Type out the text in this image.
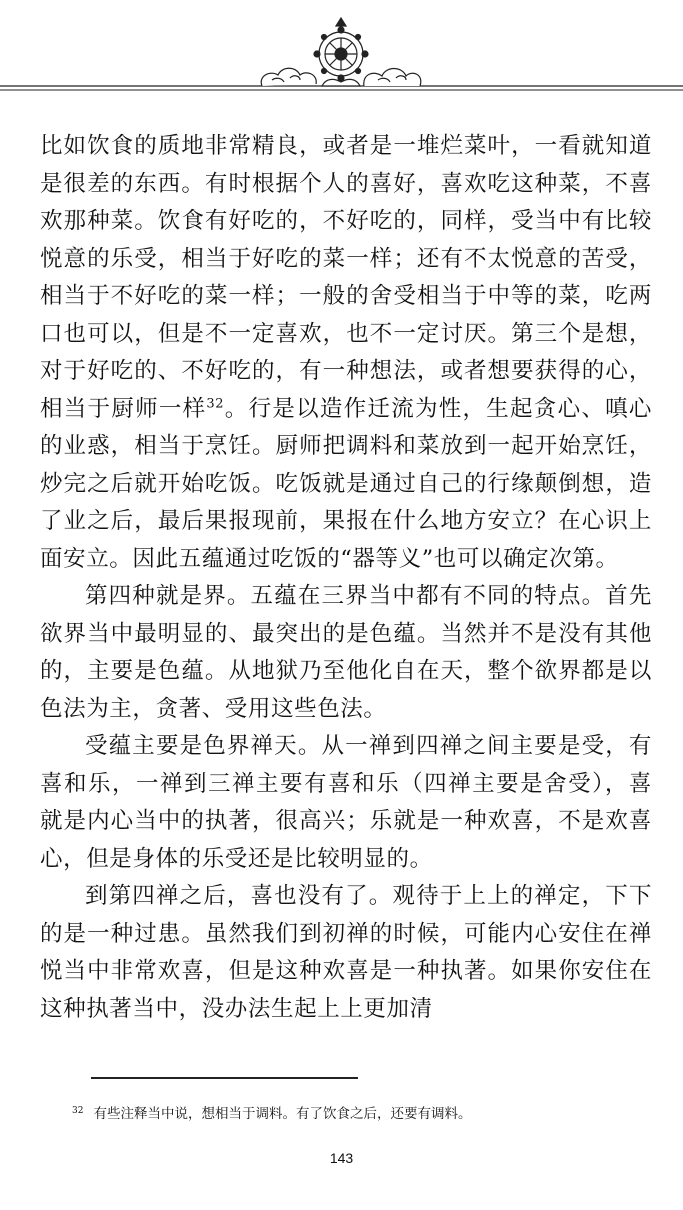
比如饮食的质地非常精良，或者是一堆烂菜叶，一看就知道是很差的东西。有时根据个人的喜好，喜欢吃这种菜，不喜欢那种菜。饮食有好吃的，不好吃的，同样，受当中有比较悦意的乐受，相当于好吃的菜一样；还有不太悦意的苦受，相当于不好吃的菜一样；一般的舍受相当于中等的菜，吃两口也可以，但是不一定喜欢，也不一定讨厌。第三个是想，对于好吃的、不好吃的，有一种想法，或者想要获得的心，相当于厨师一样$^{32}$。行是以造作迁流为性，生起贪心、嗔心的业惑，相当于烹饪。厨师把调料和菜放到一起开始烹饪，炒完之后就开始吃饭。吃饭就是通过自己的行缘颠倒想，造了业之后，最后果报现前，果报在什么地方安立？在心识上面安立。因此五蕴通过吃饭的“器等义”也可以确定次第。

第四种就是界。五蕴在三界当中都有不同的特点。首先欲界当中最明显的、最突出的是色蕴。当然并不是没有其他的，主要是色蕴。从地狱乃至他化自在天，整个欲界都是以色法为主，贪著、受用这些色法。

受蕴主要是色界禅天。从一禅到四禅之间主要是受，有喜和乐，一禅到三禅主要有喜和乐（四禅主要是舍受），喜就是内心当中的执著，很高兴；乐就是一种欢喜，不是欢喜心，但是身体的乐受还是比较明显的。

到第四禅之后，喜也没有了。观待于上上的禅定，下下的是一种过患。虽然我们到初禅的时候，可能内心安住在禅悦当中非常欢喜，但是这种欢喜是一种执著。如果你安住在这种执著当中，没办法生起上上更加清

$^{32}$ 有些注释当中说，想相当于调料。有了饮食之后，还要有调料。
143
